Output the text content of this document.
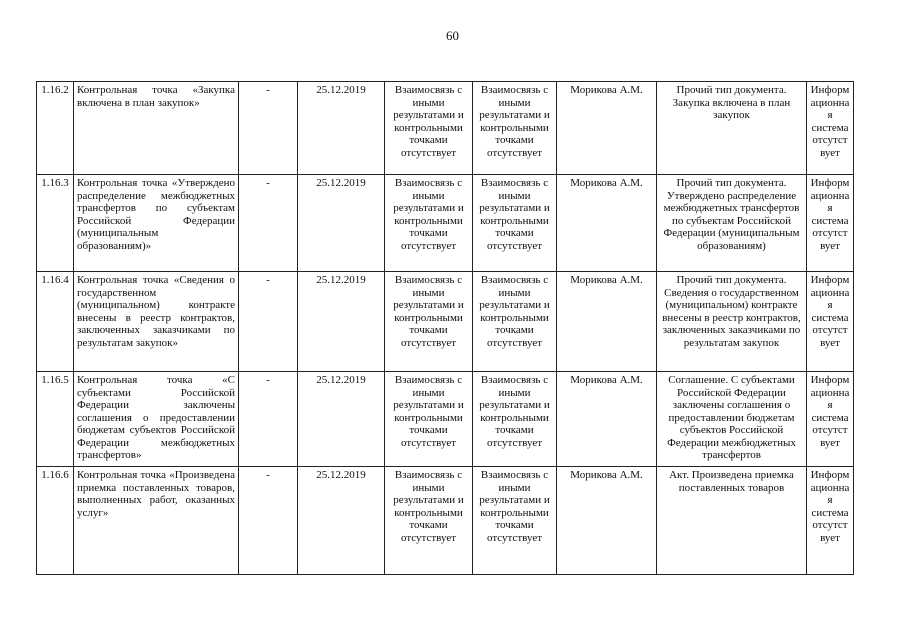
60
1.16.2	Контрольная точка «Закупка включена в план закупок»	-	25.12.2019	Взаимосвязь с иными результатами и контрольными точками отсутствует	Взаимосвязь с иными результатами и контрольными точками отсутствует	Морикова А.М.	Прочий тип документа. Закупка включена в план закупок	Информационная система отсутствует
1.16.3	Контрольная точка «Утверждено распределение межбюджетных трансфертов по субъектам Российской Федерации (муниципальным образованиям)»	-	25.12.2019	Взаимосвязь с иными результатами и контрольными точками отсутствует	Взаимосвязь с иными результатами и контрольными точками отсутствует	Морикова А.М.	Прочий тип документа. Утверждено распределение межбюджетных трансфертов по субъектам Российской Федерации (муниципальным образованиям)	Информационная система отсутствует
1.16.4	Контрольная точка «Сведения о государственном (муниципальном) контракте внесены в реестр контрактов, заключенных заказчиками по результатам закупок»	-	25.12.2019	Взаимосвязь с иными результатами и контрольными точками отсутствует	Взаимосвязь с иными результатами и контрольными точками отсутствует	Морикова А.М.	Прочий тип документа. Сведения о государственном (муниципальном) контракте внесены в реестр контрактов, заключенных заказчиками по результатам закупок	Информационная система отсутствует
1.16.5	Контрольная точка «С субъектами Российской Федерации заключены соглашения о предоставлении бюджетам субъектов Российской Федерации межбюджетных трансфертов»	-	25.12.2019	Взаимосвязь с иными результатами и контрольными точками отсутствует	Взаимосвязь с иными результатами и контрольными точками отсутствует	Морикова А.М.	Соглашение. С субъектами Российской Федерации заключены соглашения о предоставлении бюджетам субъектов Российской Федерации межбюджетных трансфертов	Информационная система отсутствует
1.16.6	Контрольная точка «Произведена приемка поставленных товаров, выполненных работ, оказанных услуг»	-	25.12.2019	Взаимосвязь с иными результатами и контрольными точками отсутствует	Взаимосвязь с иными результатами и контрольными точками отсутствует	Морикова А.М.	Акт. Произведена приемка поставленных товаров	Информационная система отсутствует
